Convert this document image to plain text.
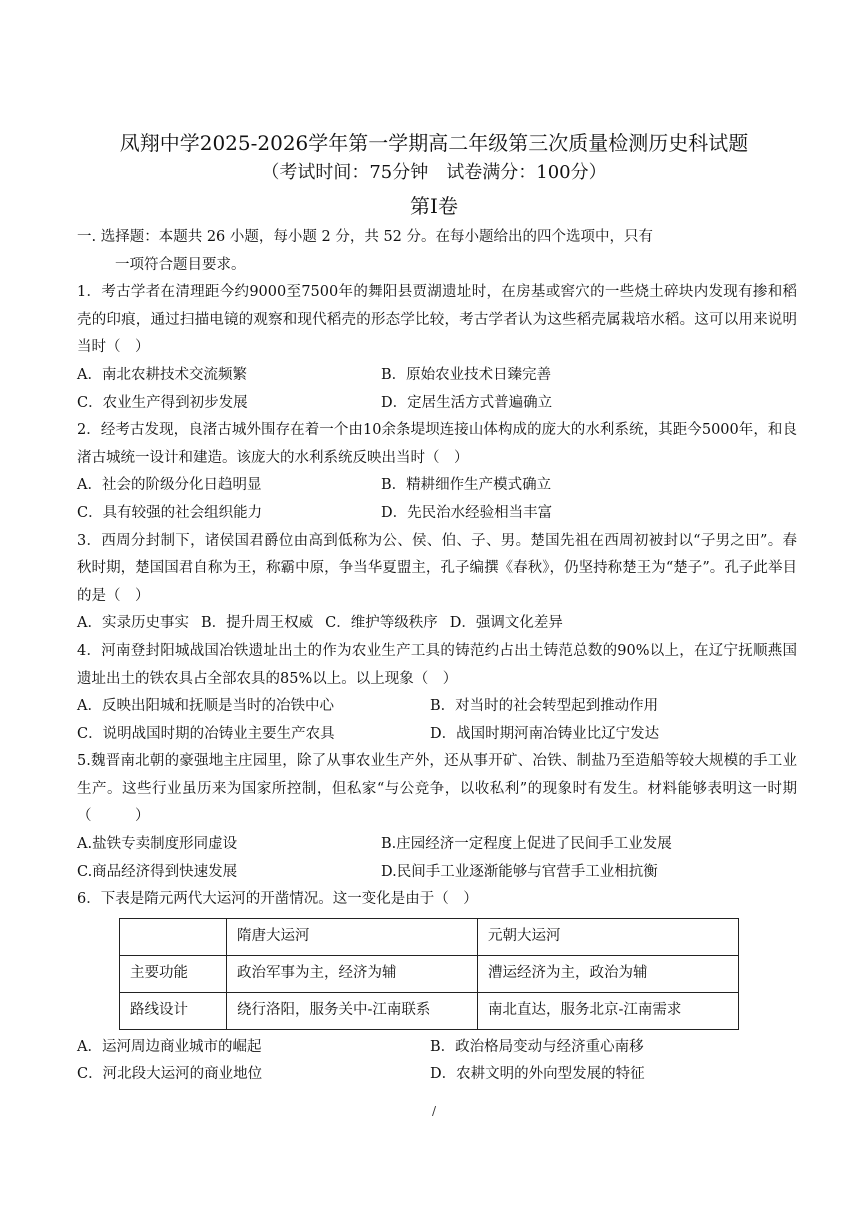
凤翔中学2025-2026学年第一学期高二年级第三次质量检测历史科试题
（考试时间：75分钟　试卷满分：100分）
第Ⅰ卷

一. 选择题：本题共 26 小题，每小题 2 分，共 52 分。在每小题给出的四个选项中，只有

一项符合题目要求。

1．考古学者在清理距今约9000至7500年的舞阳县贾湖遗址时，在房基或窖穴的一些烧土碎块内发现有掺和稻壳的印痕，通过扫描电镜的观察和现代稻壳的形态学比较，考古学者认为这些稻壳属栽培水稻。这可以用来说明当时（　）

A．南北农耕技术交流频繁	B．原始农业技术日臻完善
C．农业生产得到初步发展	D．定居生活方式普遍确立

2．经考古发现，良渚古城外围存在着一个由10余条堤坝连接山体构成的庞大的水利系统，其距今5000年，和良渚古城统一设计和建造。该庞大的水利系统反映出当时（　）

A．社会的阶级分化日趋明显	B．精耕细作生产模式确立
C．具有较强的社会组织能力	D．先民治水经验相当丰富

3．西周分封制下，诸侯国君爵位由高到低称为公、侯、伯、子、男。楚国先祖在西周初被封以“子男之田”。春秋时期，楚国国君自称为王，称霸中原，争当华夏盟主，孔子编撰《春秋》，仍坚持称楚王为“楚子”。孔子此举目的是（　）

A．实录历史事实 B．提升周王权威 C．维护等级秩序 D．强调文化差异

4．河南登封阳城战国冶铁遗址出土的作为农业生产工具的铸范约占出土铸范总数的90%以上，在辽宁抚顺燕国遗址出土的铁农具占全部农具的85%以上。以上现象（　）

A．反映出阳城和抚顺是当时的冶铁中心	B．对当时的社会转型起到推动作用
C．说明战国时期的冶铸业主要生产农具	D．战国时期河南冶铸业比辽宁发达

5.魏晋南北朝的豪强地主庄园里，除了从事农业生产外，还从事开矿、冶铁、制盐乃至造船等较大规模的手工业生产。这些行业虽历来为国家所控制，但私家“与公竞争，以收私利”的现象时有发生。材料能够表明这一时期（　　　）

A.盐铁专卖制度形同虚设	B.庄园经济一定程度上促进了民间手工业发展
C.商品经济得到快速发展	D.民间手工业逐渐能够与官营手工业相抗衡

6．下表是隋元两代大运河的开凿情况。这一变化是由于（　）

	隋唐大运河	元朝大运河
主要功能	政治军事为主，经济为辅	漕运经济为主，政治为辅
路线设计	绕行洛阳，服务关中-江南联系	南北直达，服务北京-江南需求
A．运河周边商业城市的崛起	B．政治格局变动与经济重心南移
C．河北段大运河的商业地位	D．农耕文明的外向型发展的特征
/
